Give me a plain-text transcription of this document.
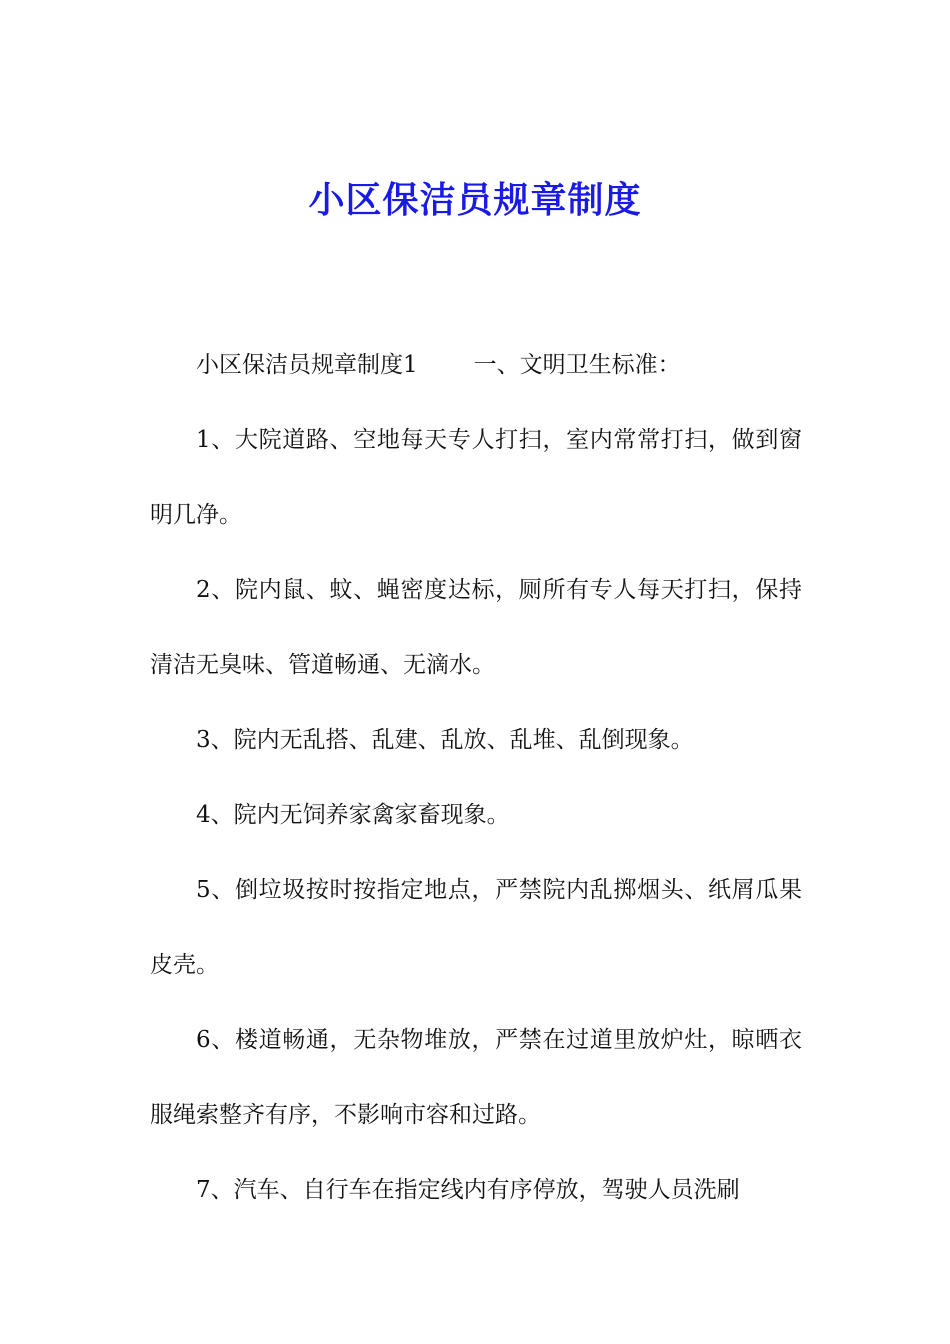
小区保洁员规章制度

小区保洁员规章制度1 一、文明卫生标准：

1、大院道路、空地每天专人打扫，室内常常打扫，做到窗明几净。

2、院内鼠、蚊、蝇密度达标，厕所有专人每天打扫，保持清洁无臭味、管道畅通、无滴水。

3、院内无乱搭、乱建、乱放、乱堆、乱倒现象。

4、院内无饲养家禽家畜现象。

5、倒垃圾按时按指定地点，严禁院内乱掷烟头、纸屑瓜果皮壳。

6、楼道畅通，无杂物堆放，严禁在过道里放炉灶，晾晒衣服绳索整齐有序，不影响市容和过路。

7、汽车、自行车在指定线内有序停放，驾驶人员洗刷
